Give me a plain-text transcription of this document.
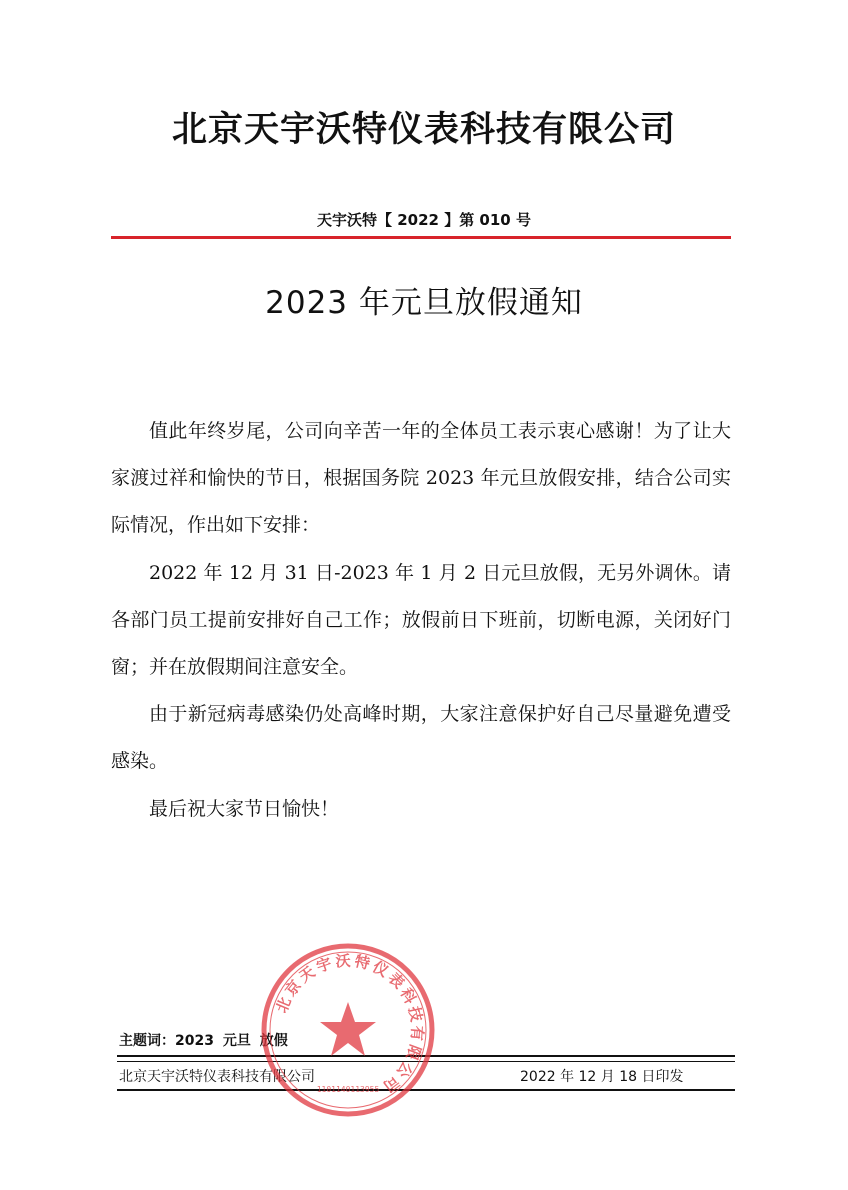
北京天宇沃特仪表科技有限公司
天宇沃特【 2022 】第 010 号
2023 年元旦放假通知

值此年终岁尾，公司向辛苦一年的全体员工表示衷心感谢！为了让大家渡过祥和愉快的节日，根据国务院 2023 年元旦放假安排，结合公司实际情况，作出如下安排：

2022 年 12 月 31 日-2023 年 1 月 2 日元旦放假，无另外调休。请各部门员工提前安排好自己工作；放假前日下班前，切断电源，关闭好门窗；并在放假期间注意安全。

由于新冠病毒感染仍处高峰时期，大家注意保护好自己尽量避免遭受感染。

最后祝大家节日愉快！

主题词：2023 元旦 放假
北京天宇沃特仪表科技有限公司	2022 年 12 月 18 日印发
北京天宇沃特仪表科技有限公司
1101140113955
